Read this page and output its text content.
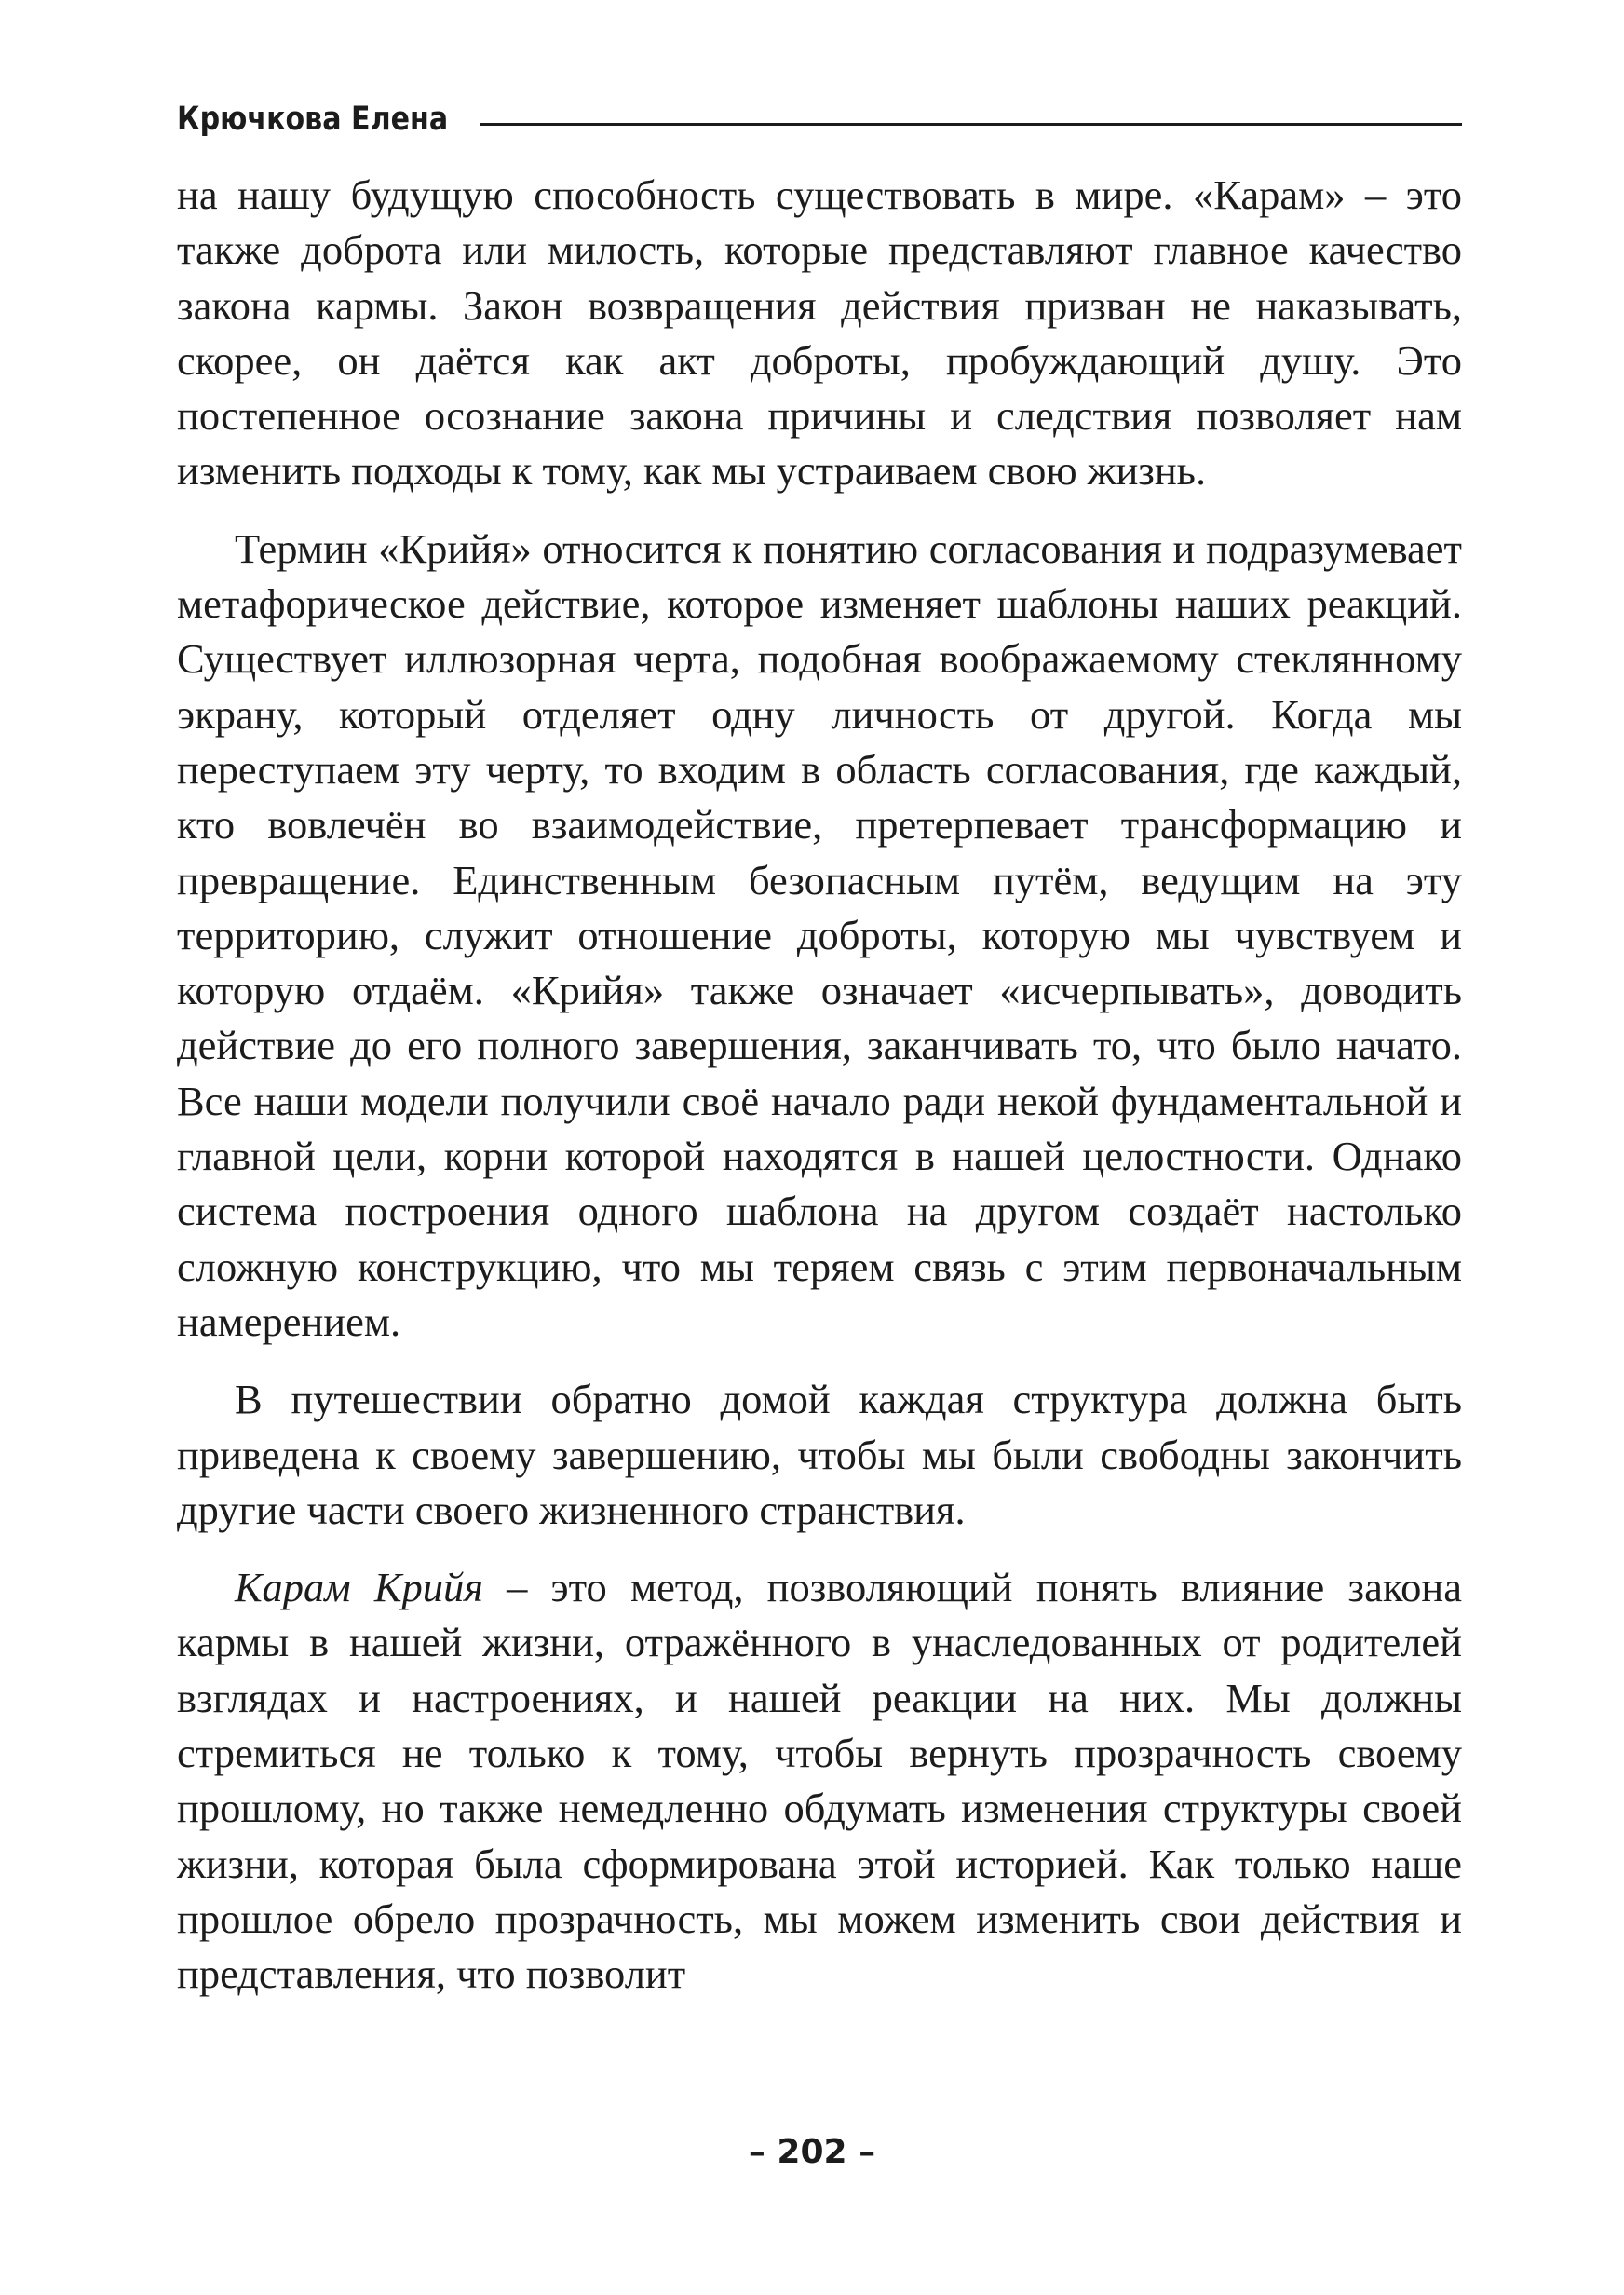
Крючкова Елена

на нашу будущую способность существовать в мире. «Карам» – это также доброта или милость, которые представляют главное качество закона кармы. Закон возвращения действия призван не наказывать, скорее, он даётся как акт доброты, пробуждающий душу. Это постепенное осознание закона причины и следствия позволяет нам изменить подходы к тому, как мы устраиваем свою жизнь.

Термин «Крийя» относится к понятию согласования и подразумевает метафорическое действие, которое изменяет шаблоны наших реакций. Существует иллюзорная черта, подобная воображаемому стеклянному экрану, который отделяет одну личность от другой. Когда мы переступаем эту черту, то входим в область согласования, где каждый, кто вовлечён во взаимодействие, претерпевает трансформацию и превращение. Единственным безопасным путём, ведущим на эту территорию, служит отношение доброты, которую мы чувствуем и которую отдаём. «Крийя» также означает «исчерпывать», доводить действие до его полного завершения, заканчивать то, что было начато. Все наши модели получили своё начало ради некой фундаментальной и главной цели, корни которой находятся в нашей целостности. Однако система построения одного шаблона на другом создаёт настолько сложную конструкцию, что мы теряем связь с этим первоначальным намерением.

В путешествии обратно домой каждая структура должна быть приведена к своему завершению, чтобы мы были свободны закончить другие части своего жизненного странствия.

Карам Крийя – это метод, позволяющий понять влияние закона кармы в нашей жизни, отражённого в унаследованных от родителей взглядах и настроениях, и нашей реакции на них. Мы должны стремиться не только к тому, чтобы вернуть прозрачность своему прошлому, но также немедленно обдумать изменения структуры своей жизни, которая была сформирована этой историей. Как только наше прошлое обрело прозрачность, мы можем изменить свои действия и представления, что позволит

– 202 –
